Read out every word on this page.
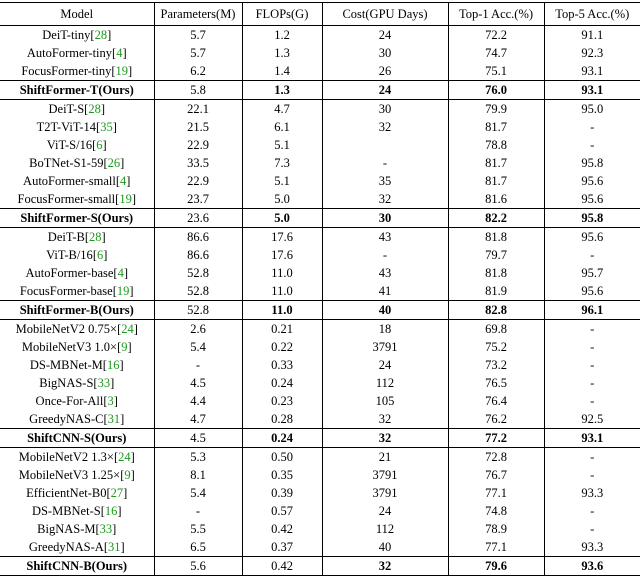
Model	Parameters(M)	FLOPs(G)	Cost(GPU Days)	Top-1 Acc.(%)	Top-5 Acc.(%)
DeiT-tiny[28]	5.7	1.2	24	72.2	91.1
AutoFormer-tiny[4]	5.7	1.3	30	74.7	92.3
FocusFormer-tiny[19]	6.2	1.4	26	75.1	93.1
ShiftFormer-T(Ours)	5.8	1.3	24	76.0	93.1
DeiT-S[28]	22.1	4.7	30	79.9	95.0
T2T-ViT-14[35]	21.5	6.1	32	81.7	-
ViT-S/16[6]	22.9	5.1		78.8	-
BoTNet-S1-59[26]	33.5	7.3	-	81.7	95.8
AutoFormer-small[4]	22.9	5.1	35	81.7	95.6
FocusFormer-small[19]	23.7	5.0	32	81.6	95.6
ShiftFormer-S(Ours)	23.6	5.0	30	82.2	95.8
DeiT-B[28]	86.6	17.6	43	81.8	95.6
ViT-B/16[6]	86.6	17.6	-	79.7	-
AutoFormer-base[4]	52.8	11.0	43	81.8	95.7
FocusFormer-base[19]	52.8	11.0	41	81.9	95.6
ShiftFormer-B(Ours)	52.8	11.0	40	82.8	96.1
MobileNetV2 0.75×[24]	2.6	0.21	18	69.8	-
MobileNetV3 1.0×[9]	5.4	0.22	3791	75.2	-
DS-MBNet-M[16]	-	0.33	24	73.2	-
BigNAS-S[33]	4.5	0.24	112	76.5	-
Once-For-All[3]	4.4	0.23	105	76.4	-
GreedyNAS-C[31]	4.7	0.28	32	76.2	92.5
ShiftCNN-S(Ours)	4.5	0.24	32	77.2	93.1
MobileNetV2 1.3×[24]	5.3	0.50	21	72.8	-
MobileNetV3 1.25×[9]	8.1	0.35	3791	76.7	-
EfficientNet-B0[27]	5.4	0.39	3791	77.1	93.3
DS-MBNet-S[16]	-	0.57	24	74.8	-
BigNAS-M[33]	5.5	0.42	112	78.9	-
GreedyNAS-A[31]	6.5	0.37	40	77.1	93.3
ShiftCNN-B(Ours)	5.6	0.42	32	79.6	93.6
